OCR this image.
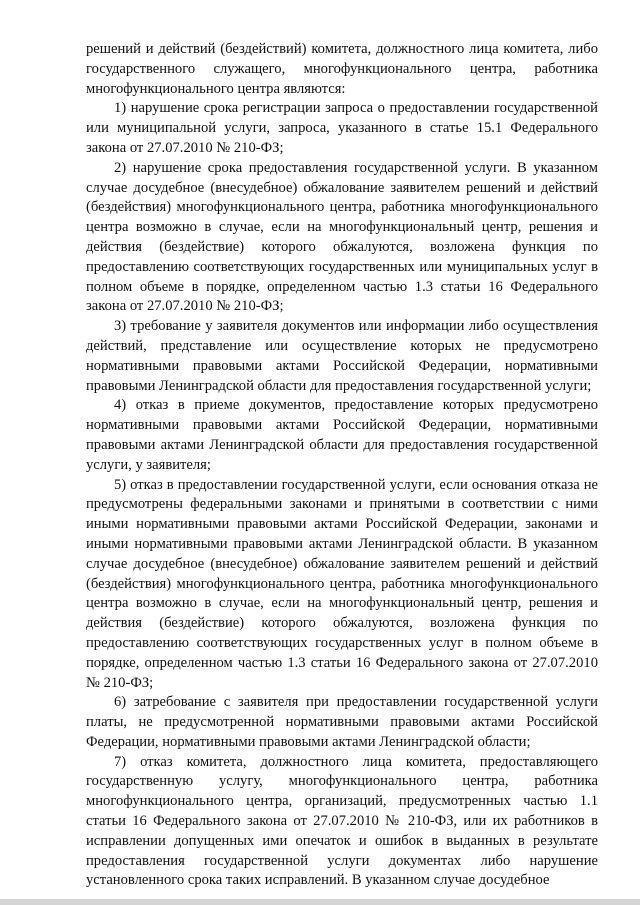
решений и действий (бездействий) комитета, должностного лица комитета, либо государственного служащего, многофункционального центра, работника многофункционального центра являются:

1) нарушение срока регистрации запроса о предоставлении государственной или муниципальной услуги, запроса, указанного в статье 15.1 Федерального закона от 27.07.2010 № 210-ФЗ;

2) нарушение срока предоставления государственной услуги. В указанном случае досудебное (внесудебное) обжалование заявителем решений и действий (бездействия) многофункционального центра, работника многофункционального центра возможно в случае, если на многофункциональный центр, решения и действия (бездействие) которого обжалуются, возложена функция по предоставлению соответствующих государственных или муниципальных услуг в полном объеме в порядке, определенном частью 1.3 статьи 16 Федерального закона от 27.07.2010 № 210-ФЗ;

3) требование у заявителя документов или информации либо осуществления действий, представление или осуществление которых не предусмотрено нормативными правовыми актами Российской Федерации, нормативными правовыми Ленинградской области для предоставления государственной услуги;

4) отказ в приеме документов, предоставление которых предусмотрено нормативными правовыми актами Российской Федерации, нормативными правовыми актами Ленинградской области для предоставления государственной услуги, у заявителя;

5) отказ в предоставлении государственной услуги, если основания отказа не предусмотрены федеральными законами и принятыми в соответствии с ними иными нормативными правовыми актами Российской Федерации, законами и иными нормативными правовыми актами Ленинградской области. В указанном случае досудебное (внесудебное) обжалование заявителем решений и действий (бездействия) многофункционального центра, работника многофункционального центра возможно в случае, если на многофункциональный центр, решения и действия (бездействие) которого обжалуются, возложена функция по предоставлению соответствующих государственных услуг в полном объеме в порядке, определенном частью 1.3 статьи 16 Федерального закона от 27.07.2010 № 210-ФЗ;

6) затребование с заявителя при предоставлении государственной услуги платы, не предусмотренной нормативными правовыми актами Российской Федерации, нормативными правовыми актами Ленинградской области;

7) отказ комитета, должностного лица комитета, предоставляющего государственную услугу, многофункционального центра, работника многофункционального центра, организаций, предусмотренных частью 1.1 статьи 16 Федерального закона от 27.07.2010 № 210-ФЗ, или их работников в исправлении допущенных ими опечаток и ошибок в выданных в результате предоставления государственной услуги документах либо нарушение установленного срока таких исправлений. В указанном случае досудебное
